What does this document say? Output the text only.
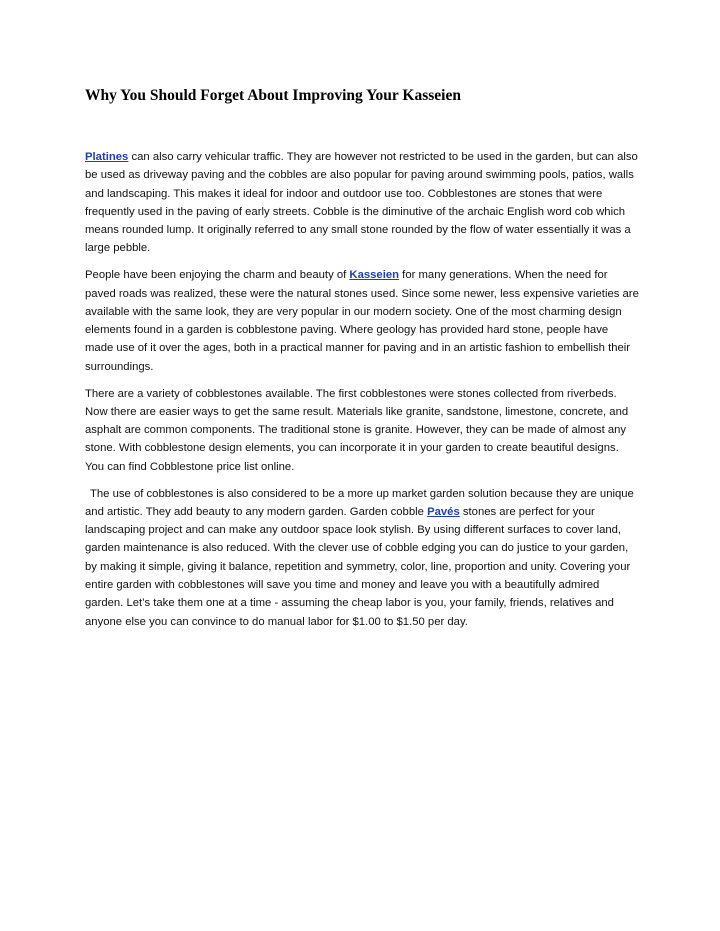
Why You Should Forget About Improving Your Kasseien

Platines can also carry vehicular traffic. They are however not restricted to be used in the garden, but can also be used as driveway paving and the cobbles are also popular for paving around swimming pools, patios, walls and landscaping. This makes it ideal for indoor and outdoor use too. Cobblestones are stones that were frequently used in the paving of early streets. Cobble is the diminutive of the archaic English word cob which means rounded lump. It originally referred to any small stone rounded by the flow of water essentially it was a large pebble.

People have been enjoying the charm and beauty of Kasseien for many generations. When the need for paved roads was realized, these were the natural stones used. Since some newer, less expensive varieties are available with the same look, they are very popular in our modern society. One of the most charming design elements found in a garden is cobblestone paving. Where geology has provided hard stone, people have made use of it over the ages, both in a practical manner for paving and in an artistic fashion to embellish their surroundings.

There are a variety of cobblestones available. The first cobblestones were stones collected from riverbeds. Now there are easier ways to get the same result. Materials like granite, sandstone, limestone, concrete, and asphalt are common components. The traditional stone is granite. However, they can be made of almost any stone. With cobblestone design elements, you can incorporate it in your garden to create beautiful designs. You can find Cobblestone price list online.

The use of cobblestones is also considered to be a more up market garden solution because they are unique and artistic. They add beauty to any modern garden. Garden cobble Pavés stones are perfect for your landscaping project and can make any outdoor space look stylish. By using different surfaces to cover land, garden maintenance is also reduced. With the clever use of cobble edging you can do justice to your garden, by making it simple, giving it balance, repetition and symmetry, color, line, proportion and unity. Covering your entire garden with cobblestones will save you time and money and leave you with a beautifully admired garden. Let’s take them one at a time - assuming the cheap labor is you, your family, friends, relatives and anyone else you can convince to do manual labor for $1.00 to $1.50 per day.
